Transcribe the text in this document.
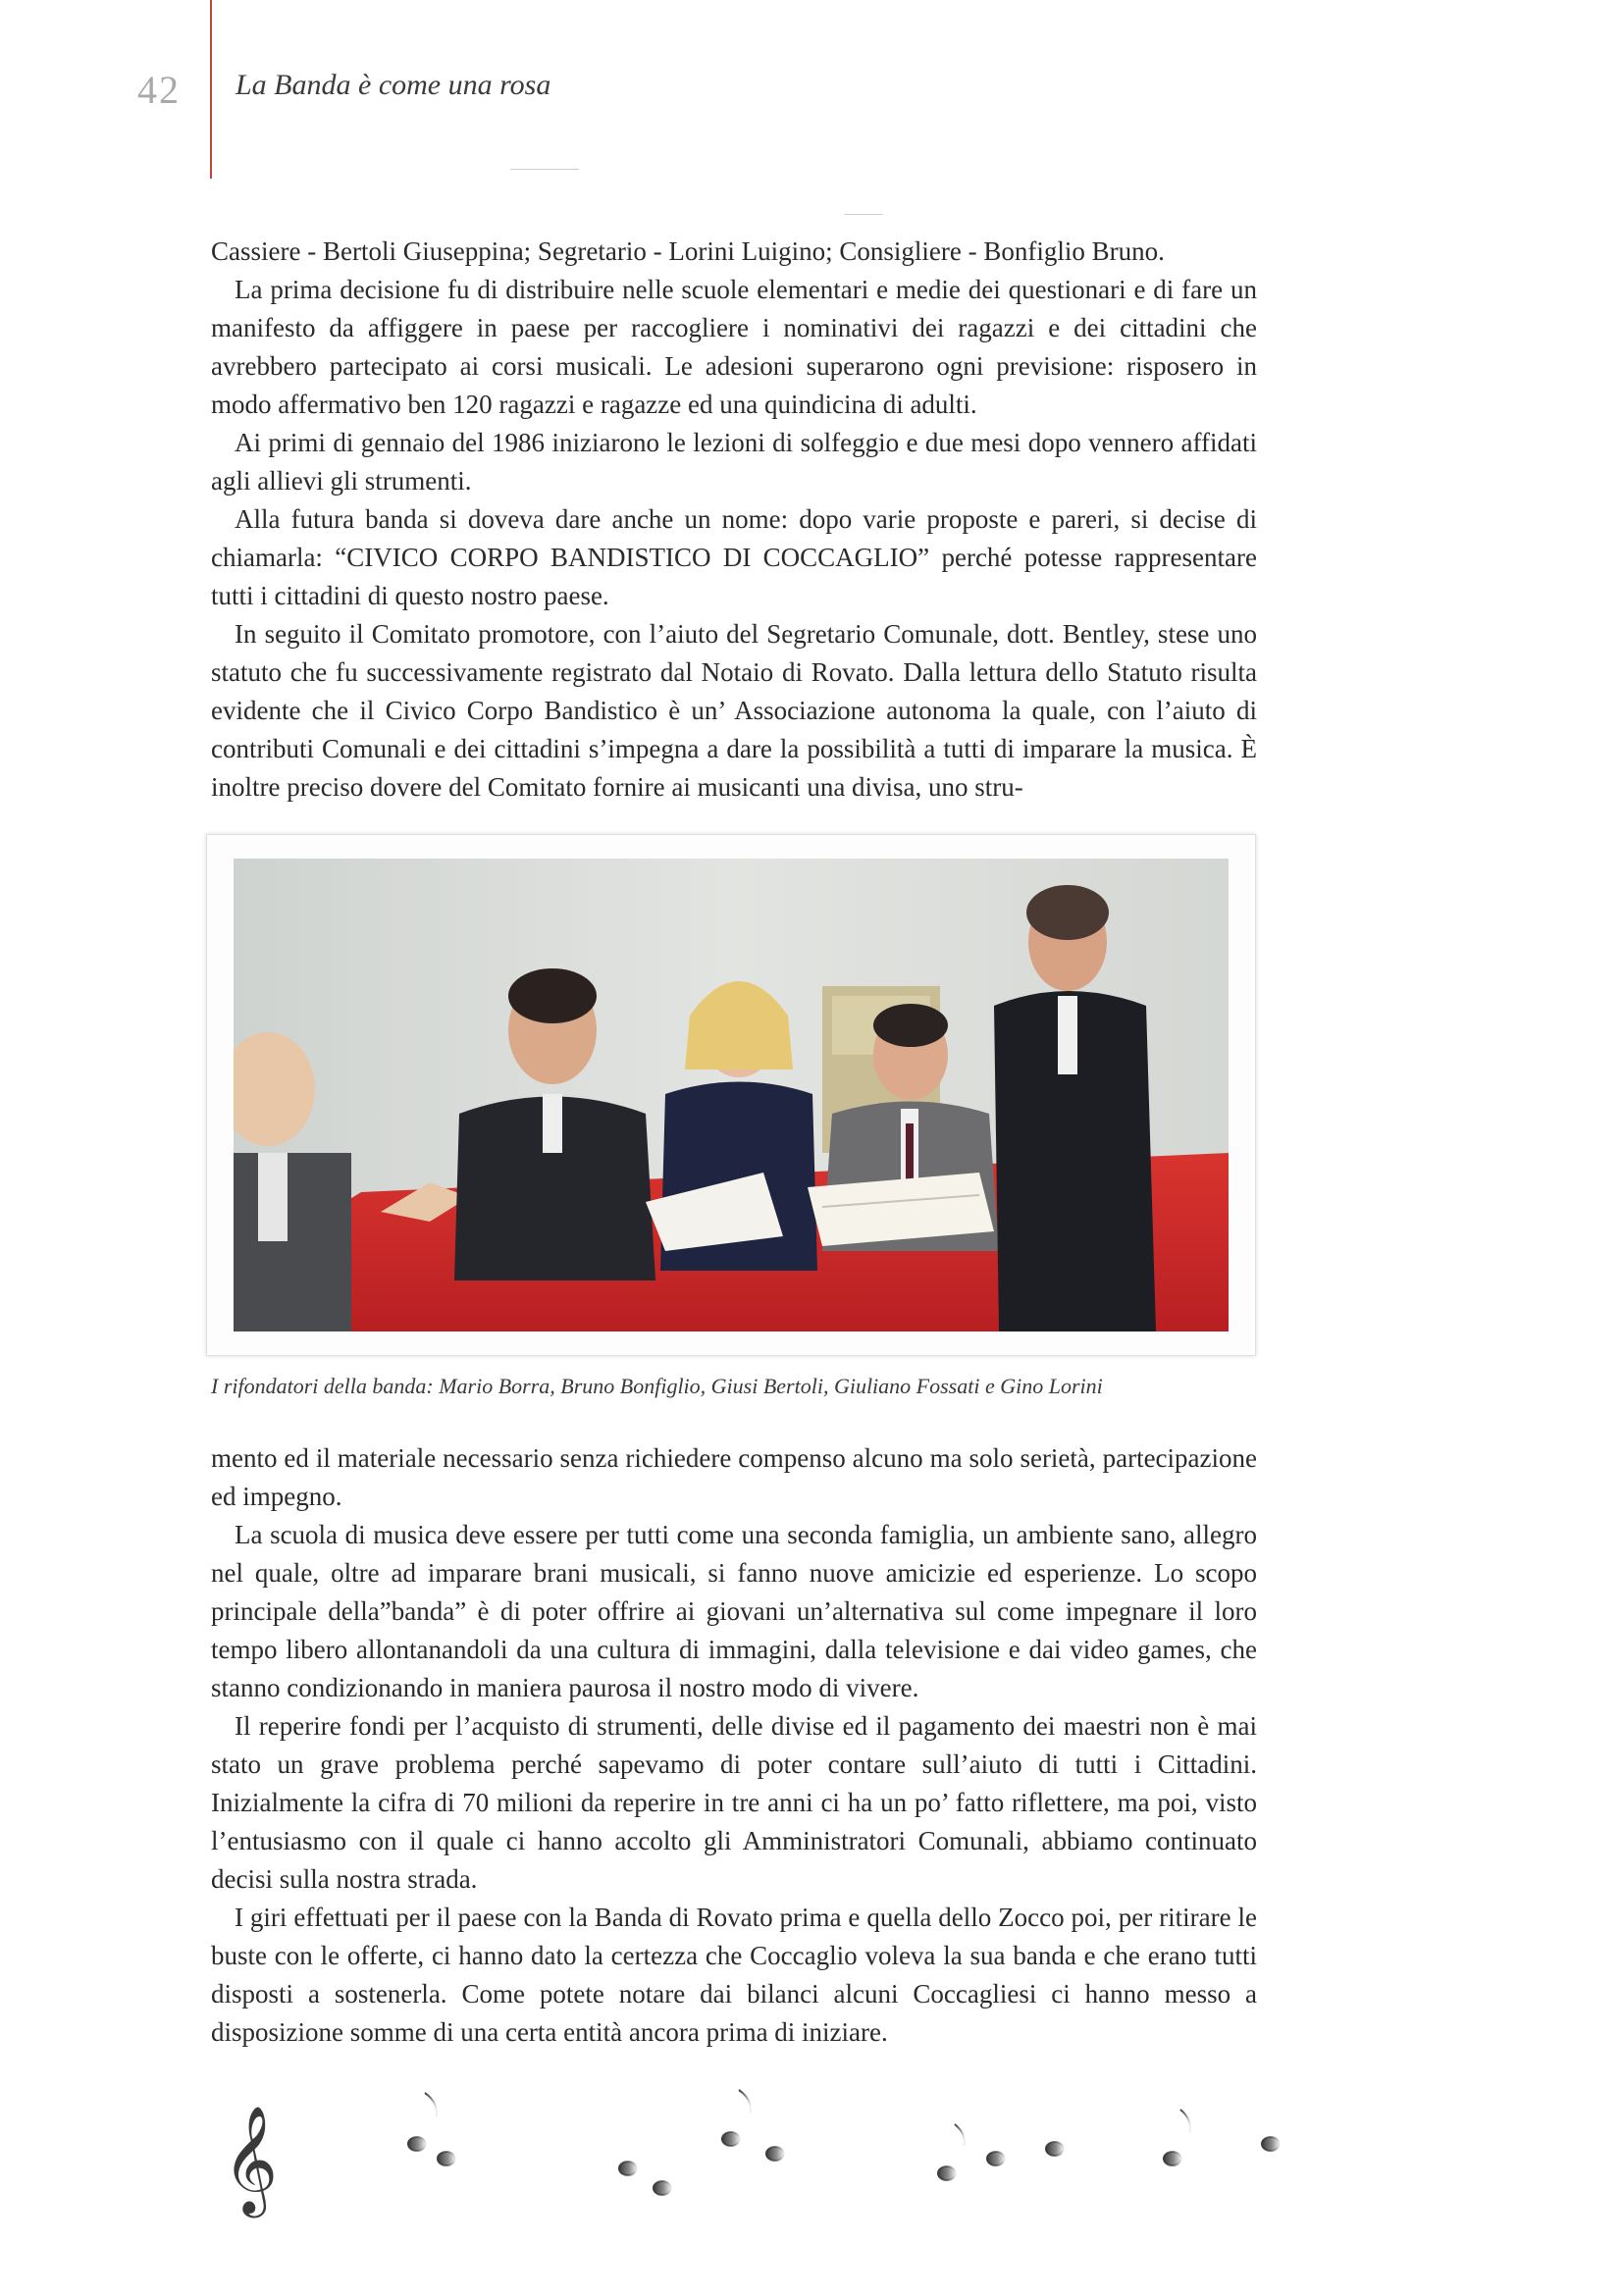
42 La Banda è come una rosa

Cassiere - Bertoli Giuseppina; Segretario - Lorini Luigino; Consigliere - Bonfiglio Bruno.

La prima decisione fu di distribuire nelle scuole elementari e medie dei questionari e di fare un manifesto da affiggere in paese per raccogliere i nominativi dei ragazzi e dei cittadini che avrebbero partecipato ai corsi musicali. Le adesioni superarono ogni previsione: risposero in modo affermativo ben 120 ragazzi e ragazze ed una quindicina di adulti.

Ai primi di gennaio del 1986 iniziarono le lezioni di solfeggio e due mesi dopo vennero affidati agli allievi gli strumenti.

Alla futura banda si doveva dare anche un nome: dopo varie proposte e pareri, si decise di chiamarla: “CIVICO CORPO BANDISTICO DI COCCAGLIO” perché potesse rappresentare tutti i cittadini di questo nostro paese.

In seguito il Comitato promotore, con l’aiuto del Segretario Comunale, dott. Bentley, stese uno statuto che fu successivamente registrato dal Notaio di Rovato. Dalla lettura dello Statuto risulta evidente che il Civico Corpo Bandistico è un’ Associazione autonoma la quale, con l’aiuto di contributi Comunali e dei cittadini s’impegna a dare la possibilità a tutti di imparare la musica. È inoltre preciso dovere del Comitato fornire ai musicanti una divisa, uno stru-

I rifondatori della banda: Mario Borra, Bruno Bonfiglio, Giusi Bertoli, Giuliano Fossati e Gino Lorini

mento ed il materiale necessario senza richiedere compenso alcuno ma solo serietà, partecipazione ed impegno.

La scuola di musica deve essere per tutti come una seconda famiglia, un ambiente sano, allegro nel quale, oltre ad imparare brani musicali, si fanno nuove amicizie ed esperienze. Lo scopo principale della”banda” è di poter offrire ai giovani un’alternativa sul come impegnare il loro tempo libero allontanandoli da una cultura di immagini, dalla televisione e dai video games, che stanno condizionando in maniera paurosa il nostro modo di vivere.

Il reperire fondi per l’acquisto di strumenti, delle divise ed il pagamento dei maestri non è mai stato un grave problema perché sapevamo di poter contare sull’aiuto di tutti i Cittadini. Inizialmente la cifra di 70 milioni da reperire in tre anni ci ha un po’ fatto riflettere, ma poi, visto l’entusiasmo con il quale ci hanno accolto gli Amministratori Comunali, abbiamo continuato decisi sulla nostra strada.

I giri effettuati per il paese con la Banda di Rovato prima e quella dello Zocco poi, per ritirare le buste con le offerte, ci hanno dato la certezza che Coccaglio voleva la sua banda e che erano tutti disposti a sostenerla. Come potete notare dai bilanci alcuni Coccagliesi ci hanno messo a disposizione somme di una certa entità ancora prima di iniziare.

𝄞
